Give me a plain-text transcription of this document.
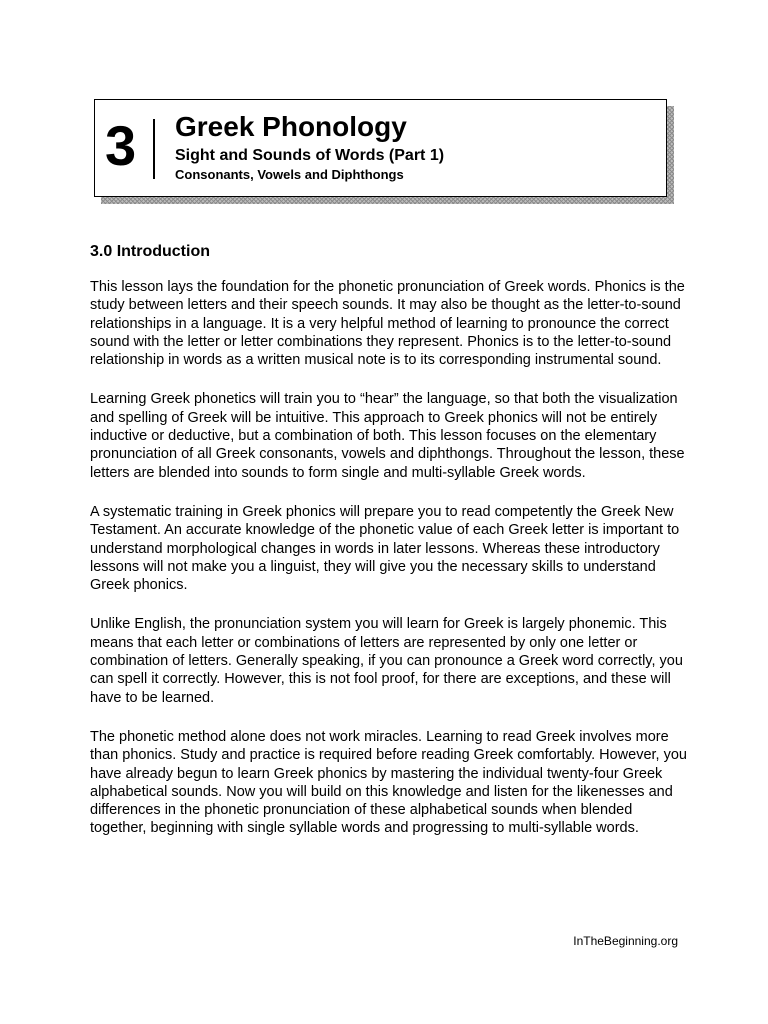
3 Greek Phonology
Sight and Sounds of Words (Part 1)
Consonants, Vowels and Diphthongs
3.0 Introduction

This lesson lays the foundation for the phonetic pronunciation of Greek words. Phonics is the study between letters and their speech sounds. It may also be thought as the letter-to-sound relationships in a language. It is a very helpful method of learning to pronounce the correct sound with the letter or letter combinations they represent. Phonics is to the letter-to-sound relationship in words as a written musical note is to its corresponding instrumental sound.

Learning Greek phonetics will train you to “hear” the language, so that both the visualization and spelling of Greek will be intuitive. This approach to Greek phonics will not be entirely inductive or deductive, but a combination of both. This lesson focuses on the elementary pronunciation of all Greek consonants, vowels and diphthongs. Throughout the lesson, these letters are blended into sounds to form single and multi-syllable Greek words.

A systematic training in Greek phonics will prepare you to read competently the Greek New Testament. An accurate knowledge of the phonetic value of each Greek letter is important to understand morphological changes in words in later lessons. Whereas these introductory lessons will not make you a linguist, they will give you the necessary skills to understand Greek phonics.

Unlike English, the pronunciation system you will learn for Greek is largely phonemic. This means that each letter or combinations of letters are represented by only one letter or combination of letters. Generally speaking, if you can pronounce a Greek word correctly, you can spell it correctly. However, this is not fool proof, for there are exceptions, and these will have to be learned.

The phonetic method alone does not work miracles. Learning to read Greek involves more than phonics. Study and practice is required before reading Greek comfortably. However, you have already begun to learn Greek phonics by mastering the individual twenty-four Greek alphabetical sounds. Now you will build on this knowledge and listen for the likenesses and differences in the phonetic pronunciation of these alphabetical sounds when blended together, beginning with single syllable words and progressing to multi-syllable words.

InTheBeginning.org
